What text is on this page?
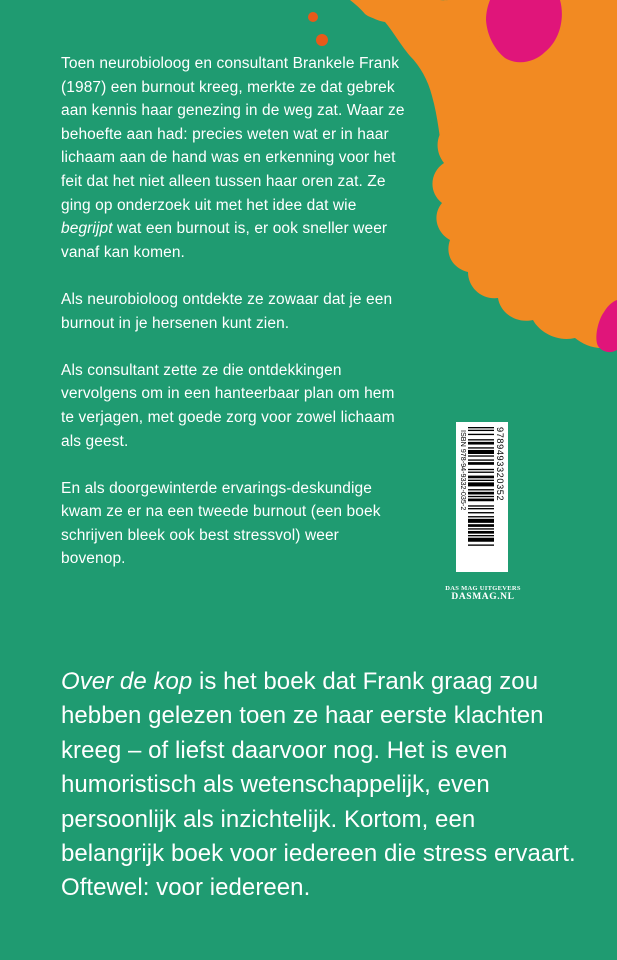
Toen neurobioloog en consultant Brankele Frank (1987) een burnout kreeg, merkte ze dat gebrek aan kennis haar genezing in de weg zat. Waar ze behoefte aan had: precies weten wat er in haar lichaam aan de hand was en erkenning voor het feit dat het niet alleen tussen haar oren zat. Ze ging op onderzoek uit met het idee dat wie begrijpt wat een burnout is, er ook sneller weer vanaf kan komen.

Als neurobioloog ontdekte ze zowaar dat je een burnout in je hersenen kunt zien.

Als consultant zette ze die ontdekkingen vervolgens om in een hanteerbaar plan om hem te verjagen, met goede zorg voor zowel lichaam als geest.

En als doorgewinterde ervarings-deskundige kwam ze er na een tweede burnout (een boek schrijven bleek ook best stressvol) weer bovenop.

ISBN 978-94-9332-035-2	9789493320352
DAS MAG UITGEVERS
DASMAG.NL
Over de kop is het boek dat Frank graag zou hebben gelezen toen ze haar eerste klachten kreeg – of liefst daarvoor nog. Het is even humoristisch als wetenschappelijk, even persoonlijk als inzichtelijk. Kortom, een belangrijk boek voor iedereen die stress ervaart. Oftewel: voor iedereen.
